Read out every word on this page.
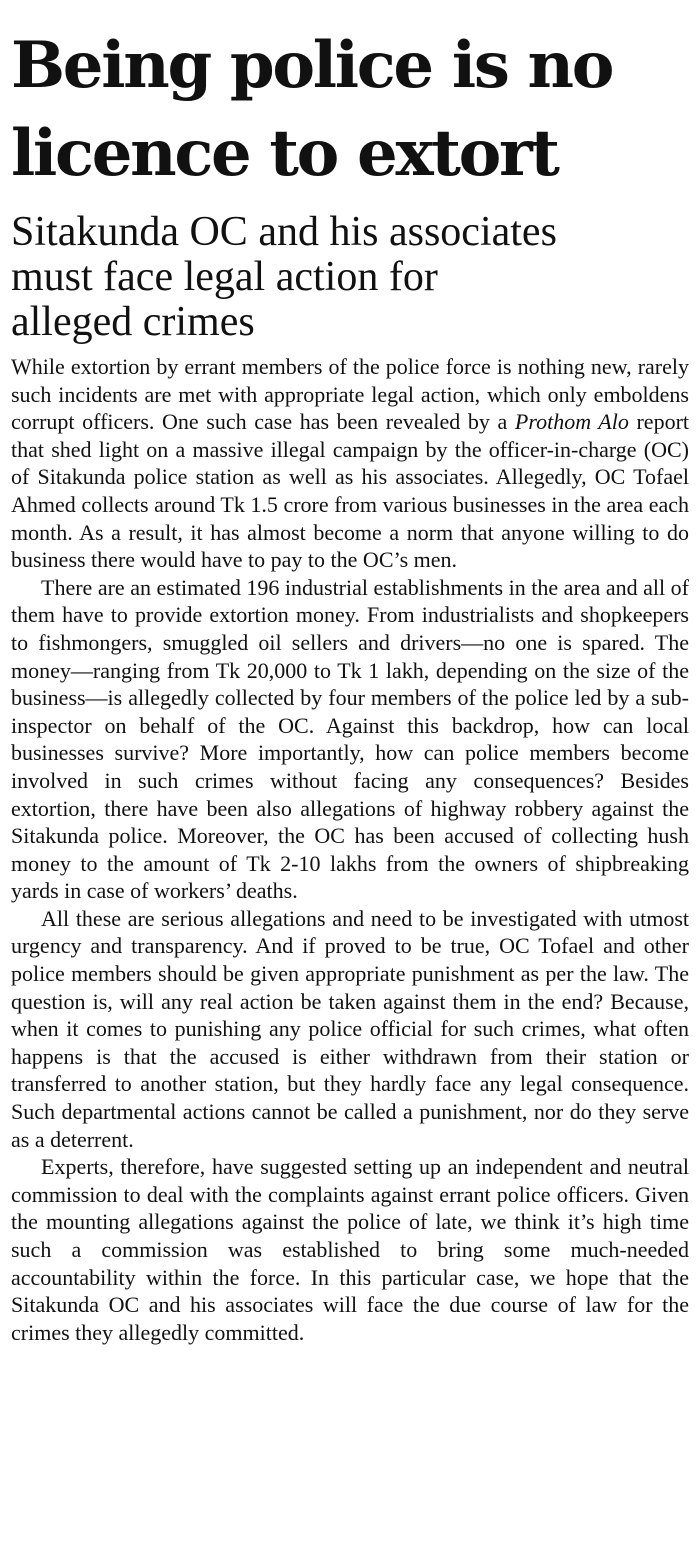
Being police is no
licence to extort
Sitakunda OC and his associates
must face legal action for
alleged crimes

While extortion by errant members of the police force is nothing new, rarely such incidents are met with appropriate legal action, which only emboldens corrupt officers. One such case has been revealed by a Prothom Alo report that shed light on a massive illegal campaign by the officer-in-charge (OC) of Sitakunda police station as well as his associates. Allegedly, OC Tofael Ahmed collects around Tk 1.5 crore from various businesses in the area each month. As a result, it has almost become a norm that anyone willing to do business there would have to pay to the OC’s men.

There are an estimated 196 industrial establishments in the area and all of them have to provide extortion money. From industrialists and shopkeepers to fishmongers, smuggled oil sellers and drivers—no one is spared. The money—ranging from Tk 20,000 to Tk 1 lakh, depending on the size of the business—is allegedly collected by four members of the police led by a sub-inspector on behalf of the OC. Against this backdrop, how can local businesses survive? More importantly, how can police members become involved in such crimes without facing any consequences? Besides extortion, there have been also allegations of highway robbery against the Sitakunda police. Moreover, the OC has been accused of collecting hush money to the amount of Tk 2-10 lakhs from the owners of shipbreaking yards in case of workers’ deaths.

All these are serious allegations and need to be investigated with utmost urgency and transparency. And if proved to be true, OC Tofael and other police members should be given appropriate punishment as per the law. The question is, will any real action be taken against them in the end? Because, when it comes to punishing any police official for such crimes, what often happens is that the accused is either withdrawn from their station or transferred to another station, but they hardly face any legal consequence. Such departmental actions cannot be called a punishment, nor do they serve as a deterrent.

Experts, therefore, have suggested setting up an independent and neutral commission to deal with the complaints against errant police officers. Given the mounting allegations against the police of late, we think it’s high time such a commission was established to bring some much-needed accountability within the force. In this particular case, we hope that the Sitakunda OC and his associates will face the due course of law for the crimes they allegedly committed.
